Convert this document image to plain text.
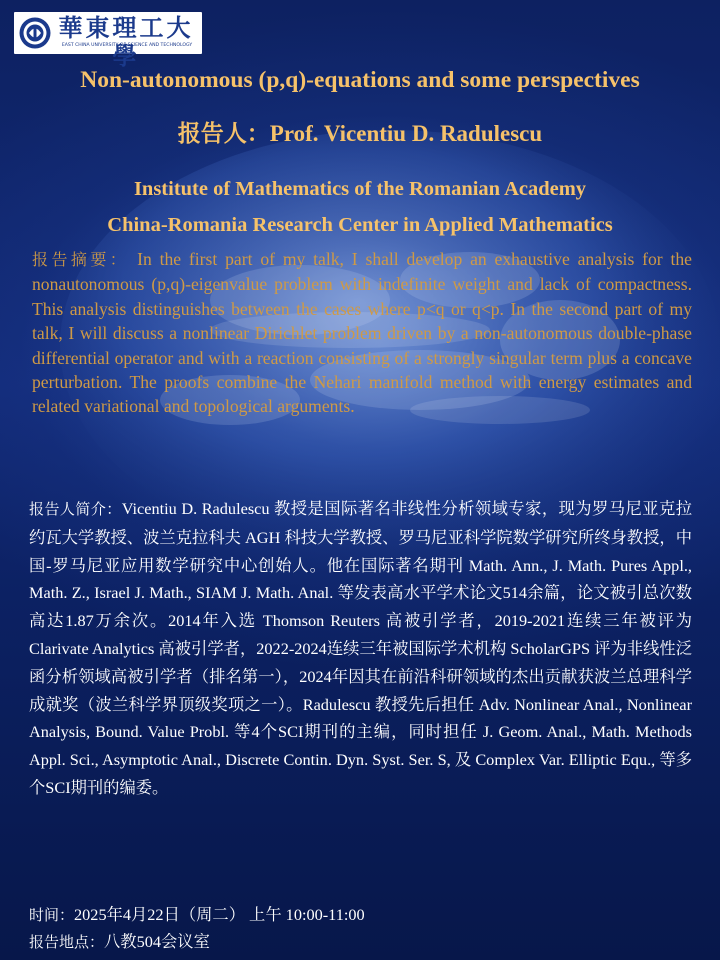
華東理工大學
EAST CHINA UNIVERSITY OF SCIENCE AND TECHNOLOGY
Non-autonomous (p,q)-equations and some perspectives
报告人：Prof. Vicentiu D. Radulescu
Institute of Mathematics of the Romanian Academy
China-Romania Research Center in Applied Mathematics
报告摘要： In the first part of my talk, I shall develop an exhaustive analysis for the nonautonomous (p,q)-eigenvalue problem with indefinite weight and lack of compactness. This analysis distinguishes between the cases where p<q or q<p. In the second part of my talk, I will discuss a nonlinear Dirichlet problem driven by a non-autonomous double-phase differential operator and with a reaction consisting of a strongly singular term plus a concave perturbation. The proofs combine the Nehari manifold method with energy estimates and related variational and topological arguments.
报告人简介：Vicentiu D. Radulescu 教授是国际著名非线性分析领域专家，现为罗马尼亚克拉约瓦大学教授、波兰克拉科夫 AGH 科技大学教授、罗马尼亚科学院数学研究所终身教授，中国-罗马尼亚应用数学研究中心创始人。他在国际著名期刊 Math. Ann., J. Math. Pures Appl., Math. Z., Israel J. Math., SIAM J. Math. Anal. 等发表高水平学术论文514余篇，论文被引总次数高达1.87万余次。2014年入选 Thomson Reuters 高被引学者，2019-2021连续三年被评为 Clarivate Analytics 高被引学者，2022-2024连续三年被国际学术机构 ScholarGPS 评为非线性泛函分析领域高被引学者（排名第一），2024年因其在前沿科研领域的杰出贡献获波兰总理科学成就奖（波兰科学界顶级奖项之一）。Radulescu 教授先后担任 Adv. Nonlinear Anal., Nonlinear Analysis, Bound. Value Probl. 等4个SCI期刊的主编，同时担任 J. Geom. Anal., Math. Methods Appl. Sci., Asymptotic Anal., Discrete Contin. Dyn. Syst. Ser. S, 及 Complex Var. Elliptic Equ., 等多个SCI期刊的编委。
时间：2025年4月22日（周二） 上午 10:00-11:00
报告地点：八教504会议室
